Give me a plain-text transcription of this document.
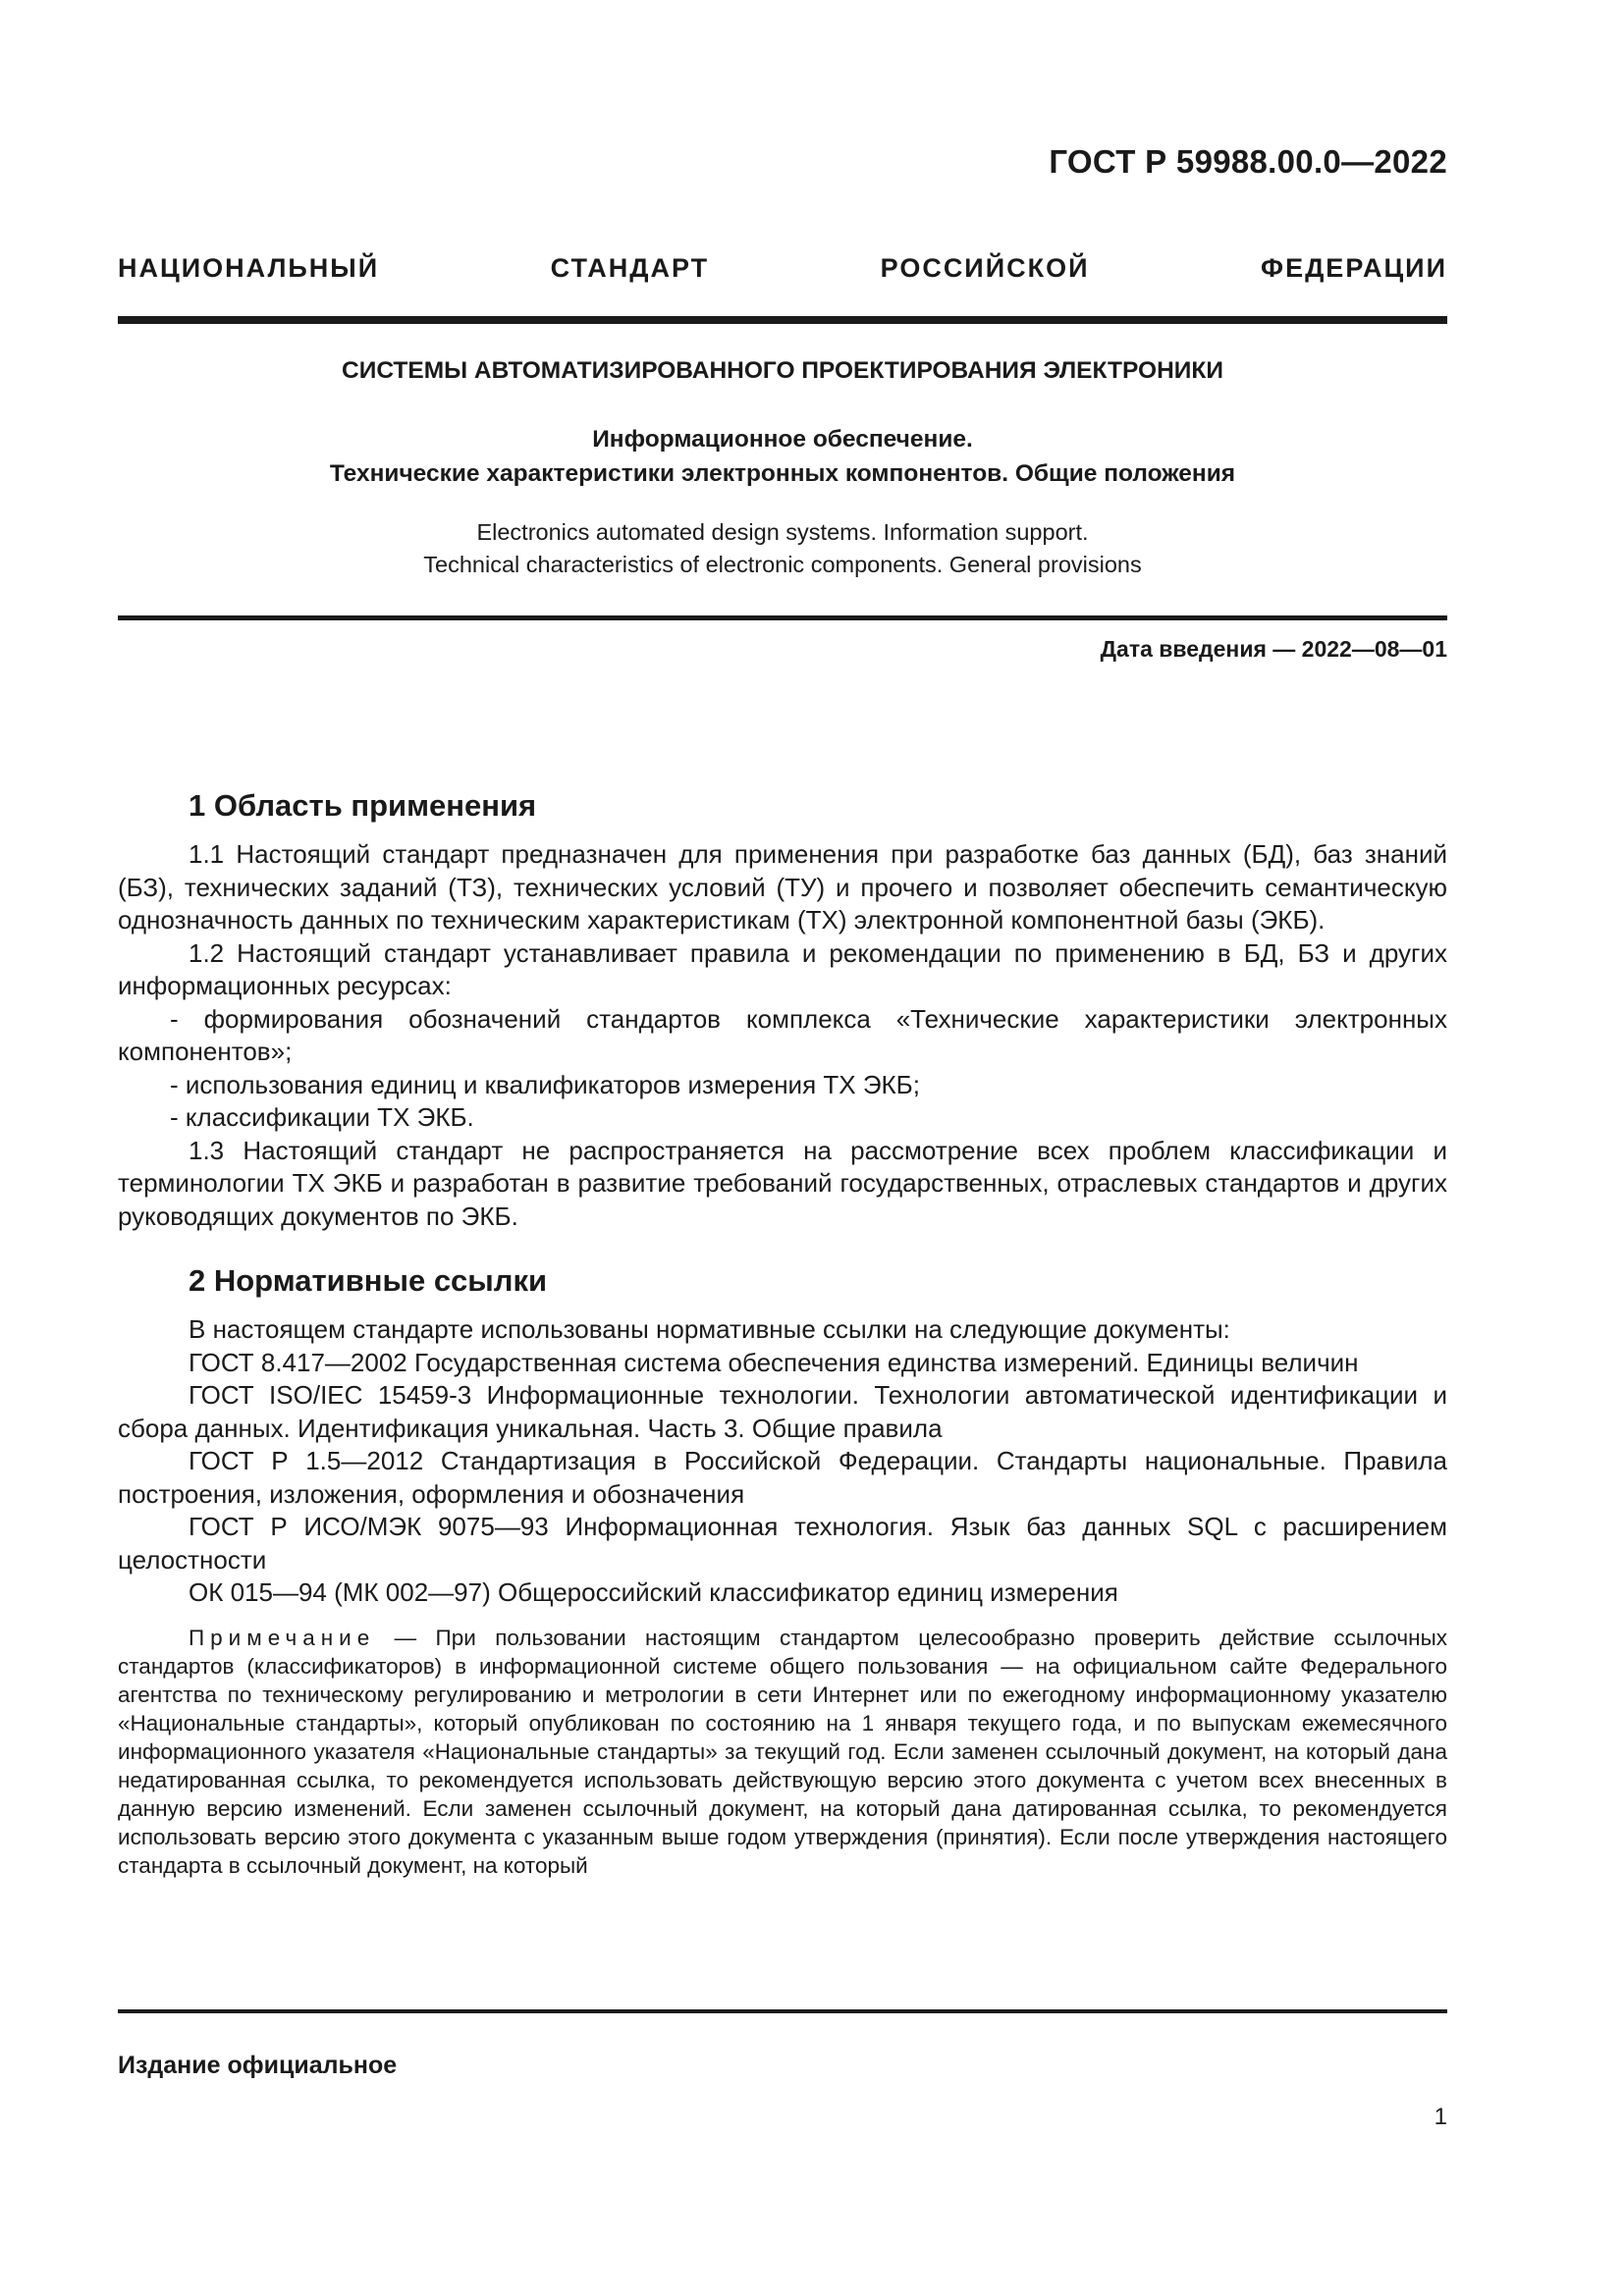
ГОСТ Р 59988.00.0—2022
НАЦИОНАЛЬНЫЙ СТАНДАРТ РОССИЙСКОЙ ФЕДЕРАЦИИ
СИСТЕМЫ АВТОМАТИЗИРОВАННОГО ПРОЕКТИРОВАНИЯ ЭЛЕКТРОНИКИ
Информационное обеспечение.
Технические характеристики электронных компонентов. Общие положения
Electronics automated design systems. Information support.
Technical characteristics of electronic components. General provisions
Дата введения — 2022—08—01
1 Область применения

1.1 Настоящий стандарт предназначен для применения при разработке баз данных (БД), баз знаний (БЗ), технических заданий (ТЗ), технических условий (ТУ) и прочего и позволяет обеспечить семантическую однозначность данных по техническим характеристикам (ТХ) электронной компонентной базы (ЭКБ).

1.2 Настоящий стандарт устанавливает правила и рекомендации по применению в БД, БЗ и других информационных ресурсах:

- формирования обозначений стандартов комплекса «Технические характеристики электронных компонентов»;

- использования единиц и квалификаторов измерения ТХ ЭКБ;

- классификации ТХ ЭКБ.

1.3 Настоящий стандарт не распространяется на рассмотрение всех проблем классификации и терминологии ТХ ЭКБ и разработан в развитие требований государственных, отраслевых стандартов и других руководящих документов по ЭКБ.

2 Нормативные ссылки

В настоящем стандарте использованы нормативные ссылки на следующие документы:

ГОСТ 8.417—2002 Государственная система обеспечения единства измерений. Единицы величин

ГОСТ ISO/IEC 15459-3 Информационные технологии. Технологии автоматической идентификации и сбора данных. Идентификация уникальная. Часть 3. Общие правила

ГОСТ Р 1.5—2012 Стандартизация в Российской Федерации. Стандарты национальные. Правила построения, изложения, оформления и обозначения

ГОСТ Р ИСО/МЭК 9075—93 Информационная технология. Язык баз данных SQL с расширением целостности

ОК 015—94 (МК 002—97) Общероссийский классификатор единиц измерения

Примечание — При пользовании настоящим стандартом целесообразно проверить действие ссылочных стандартов (классификаторов) в информационной системе общего пользования — на официальном сайте Федерального агентства по техническому регулированию и метрологии в сети Интернет или по ежегодному информационному указателю «Национальные стандарты», который опубликован по состоянию на 1 января текущего года, и по выпускам ежемесячного информационного указателя «Национальные стандарты» за текущий год. Если заменен ссылочный документ, на который дана недатированная ссылка, то рекомендуется использовать действующую версию этого документа с учетом всех внесенных в данную версию изменений. Если заменен ссылочный документ, на который дана датированная ссылка, то рекомендуется использовать версию этого документа с указанным выше годом утверждения (принятия). Если после утверждения настоящего стандарта в ссылочный документ, на который
Издание официальное
1
